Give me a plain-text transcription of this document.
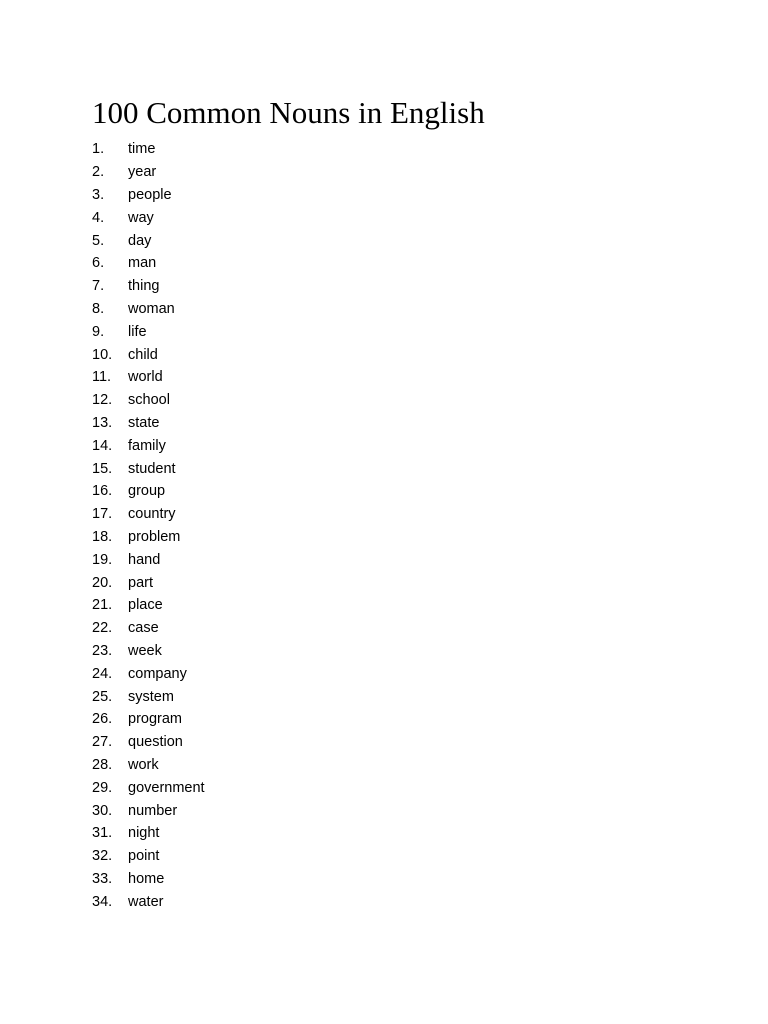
100 Common Nouns in English
1.	time
2.	year
3.	people
4.	way
5.	day
6.	man
7.	thing
8.	woman
9.	life
10.	child
11.	world
12.	school
13.	state
14.	family
15.	student
16.	group
17.	country
18.	problem
19.	hand
20.	part
21.	place
22.	case
23.	week
24.	company
25.	system
26.	program
27.	question
28.	work
29.	government
30.	number
31.	night
32.	point
33.	home
34.	water
